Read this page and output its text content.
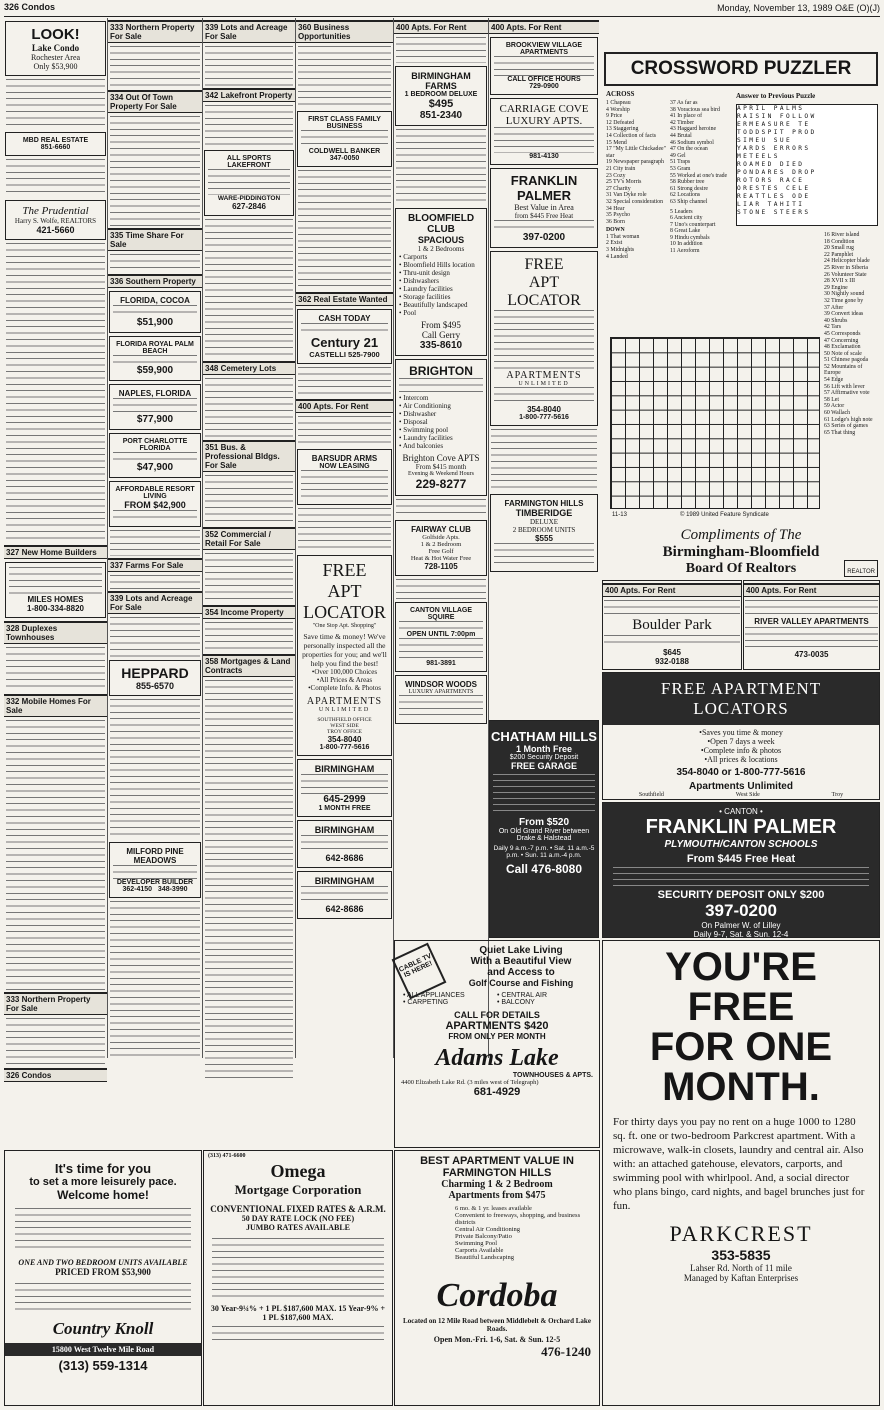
326 Condos	Monday, November 13, 1989 O&E (O)(J)
LOOK!
Lake Condo
Rochester Area
Only $53,900
MBD REAL ESTATE
851-6660
The Prudential
Harry S. Wolfe, REALTORS
421-5660
327 New Home Builders
MILES HOMES
1-800-334-8820
328 Duplexes Townhouses
332 Mobile Homes For Sale
333 Northern Property For Sale
326 Condos
333 Northern Property For Sale
334 Out Of Town Property For Sale
335 Time Share For Sale
336 Southern Property
FLORIDA, COCOA
$51,900
FLORIDA ROYAL PALM BEACH
$59,900
NAPLES, FLORIDA
$77,900
PORT CHARLOTTE FLORIDA
$47,900
AFFORDABLE RESORT LIVING
FROM $42,900
337 Farms For Sale
339 Lots and Acreage For Sale
HEPPARD
855-6570
MILFORD PINE MEADOWS
DEVELOPER BUILDER
362-4150 348-3990
339 Lots and Acreage For Sale
342 Lakefront Property
ALL SPORTS LAKEFRONT
WARE-PIDDINGTON
627-2846
348 Cemetery Lots
351 Bus. & Professional Bldgs. For Sale
352 Commercial / Retail For Sale
354 Income Property
358 Mortgages & Land Contracts
360 Business Opportunities
FIRST CLASS FAMILY BUSINESS
COLDWELL BANKER
347-0050
362 Real Estate Wanted
CASH TODAY
Century 21
CASTELLI 525-7900
400 Apts. For Rent
BARSUDR ARMS
NOW LEASING
FREE
APT
LOCATOR
"One Stop Apt. Shopping"
Save time & money! We've personally inspected all the properties for you; and we'll help you find the best!
•Over 100,000 Choices
•All Prices & Areas
•Complete Info. & Photos
APARTMENTS
UNLIMITED
SOUTHFIELD OFFICE
WEST SIDE
TROY OFFICE
354-8040
1-800-777-5616
BIRMINGHAM
645-2999
1 MONTH FREE
BIRMINGHAM
642-8686
BIRMINGHAM
642-8686
400 Apts. For Rent
BIRMINGHAM FARMS
1 BEDROOM DELUXE
$495
851-2340
BLOOMFIELD CLUB
SPACIOUS
1 & 2 Bedrooms
• Carports
• Bloomfield Hills location
• Thru-unit design
• Dishwashers
• Laundry facilities
• Storage facilities
• Beautifully landscaped
• Pool
From $495
Call Gerry
335-8610
BRIGHTON
• Intercom
• Air Conditioning
• Dishwasher
• Disposal
• Swimming pool
• Laundry facilities
• And balconies
Brighton Cove APTS
From $415 month
Evening & Weekend Hours
229-8277
FAIRWAY CLUB
Golfside Apts.
1 & 2 Bedroom
Free Golf
Heat & Hot Water Free
728-1105
CANTON VILLAGE SQUIRE
OPEN UNTIL 7:00pm
981-3891
WINDSOR WOODS
LUXURY APARTMENTS
400 Apts. For Rent
BROOKVIEW VILLAGE APARTMENTS
CALL OFFICE HOURS
729-0900
CARRIAGE COVE LUXURY APTS.
981-4130
FRANKLIN PALMER
Best Value in Area
from $445 Free Heat
397-0200
FREE
APT
LOCATOR
APARTMENTS
UNLIMITED
354-8040
1-800-777-5616
FARMINGTON HILLS
TIMBERIDGE
DELUXE
2 BEDROOM UNITS
$555
CROSSWORD PUZZLER
ACROSS
1 Chapeau
4 Worship
9 Price
12 Defeated
13 Staggering
14 Collection of facts
15 Mend
17 "My Little Chickadee" star
19 Newspaper paragraph
21 City train
23 Cozy
25 TV's Morris
27 Charity
31 Van Dyke role
32 Special consideration
34 Hear
35 Psycho
36 Born
DOWN
1 That woman
2 Exist
3 Midnights
4 Landed
37 As far as
38 Voracious sea bird
41 In place of
42 Timber
43 Haggard heroine
44 Brutal
46 Sodium symbol
47 On the ocean
49 Gel
51 Traps
53 Gram
55 Worked at one's trade
58 Rubber tree
61 Strong desire
62 Locations
63 Ship channel
5 Leaders
6 Ancient city
7 Uno's counterpart
8 Great Lake
9 Hindu cymbals
10 In addition
11 Aeroform
Answer to Previous Puzzle
APRIL PALMS
RAISIN FOLLOW
ERMEASURE TE
TODDSPIT PROD
SIMEU SUE
YARDS ERRORS
METEELS
ROAMED DIED
PONDARES DROP
ROTORS RACE
ORESTES CELE
REATTLES ODE
LIAR TAHITI
STONE STEERS
16 River island
18 Condition
20 Small rug
22 Pamphlet
24 Helicopter blade
25 River in Siberia
26 Volunteer State
28 XVII x III
29 Engine
30 Nightly sound
32 Time gone by
37 After
39 Convert ideas
40 Shrubs
42 Tars
45 Corresponds
47 Concerning
48 Exclamation
50 Note of scale
51 Chinese pagoda
52 Mountains of Europe
54 Edge
56 Lift with lever
57 Affirmative vote
58 Let
59 Actor
60 Wallach
61 Lodge's high note
63 Series of games
65 That thing
11-13	© 1989 United Feature Syndicate
Compliments of The
Birmingham-Bloomfield
Board Of Realtors	REALTOR
400 Apts. For Rent
Boulder Park
$645
932-0188
400 Apts. For Rent
RIVER VALLEY APARTMENTS
473-0035
FREE APARTMENT LOCATORS
•Saves you time & money
•Open 7 days a week
•Complete info & photos
•All prices & locations
354-8040 or 1-800-777-5616
Apartments Unlimited
Southfield	West Side	Troy
CHATHAM HILLS
1 Month Free
$200 Security Deposit
FREE GARAGE
From $520
On Old Grand River between Drake & Halstead
Daily 9 a.m.-7 p.m. • Sat. 11 a.m.-5 p.m. • Sun. 11 a.m.-4 p.m.
Call 476-8080
• CANTON •
FRANKLIN PALMER
PLYMOUTH/CANTON SCHOOLS
From $445 Free Heat
SECURITY DEPOSIT ONLY $200
397-0200
On Palmer W. of Lilley
Daily 9-7, Sat. & Sun. 12-4
CABLE TV IS HERE!
Quiet Lake Living
With a Beautiful View
and Access to
Golf Course and Fishing
• ALL APPLIANCES	• CENTRAL AIR
• CARPETING	• BALCONY
CALL FOR DETAILS
APARTMENTS $420
FROM ONLY PER MONTH
Adams Lake
TOWNHOUSES & APTS.
4400 Elizabeth Lake Rd. (3 miles west of Telegraph)
681-4929
YOU'RE
FREE
FOR ONE
MONTH.
For thirty days you pay no rent on a huge 1000 to 1280 sq. ft. one or two-bedroom Parkcrest apartment. With a microwave, walk-in closets, laundry and central air. Also with: an attached gatehouse, elevators, carports, and swimming pool with whirlpool. And, a social director who plans bingo, card nights, and bagel brunches just for fun.
PARKCREST
353-5835
Lahser Rd. North of 11 mile
Managed by Kaftan Enterprises
It's time for you
to set a more leisurely pace.
Welcome home!
ONE AND TWO BEDROOM UNITS AVAILABLE
PRICED FROM $53,900
Country Knoll
15800 West Twelve Mile Road
(313) 559-1314
(313) 471-6600
Omega
Mortgage Corporation
CONVENTIONAL FIXED RATES & A.R.M.
50 DAY RATE LOCK (NO FEE)
JUMBO RATES AVAILABLE
30 Year-9¼% + 1 PL $187,600 MAX. 15 Year-9% + 1 PL $187,600 MAX.
BEST APARTMENT VALUE IN FARMINGTON HILLS
Charming 1 & 2 Bedroom
Apartments from $475
6 mo. & 1 yr. leases available
Convenient to freeways, shopping, and business districts
Central Air Conditioning
Private Balcony/Patio
Swimming Pool
Carports Available
Beautiful Landscaping
Cordoba
Located on 12 Mile Road between Middlebelt & Orchard Lake Roads.
Open Mon.-Fri. 1-6, Sat. & Sun. 12-5
476-1240
